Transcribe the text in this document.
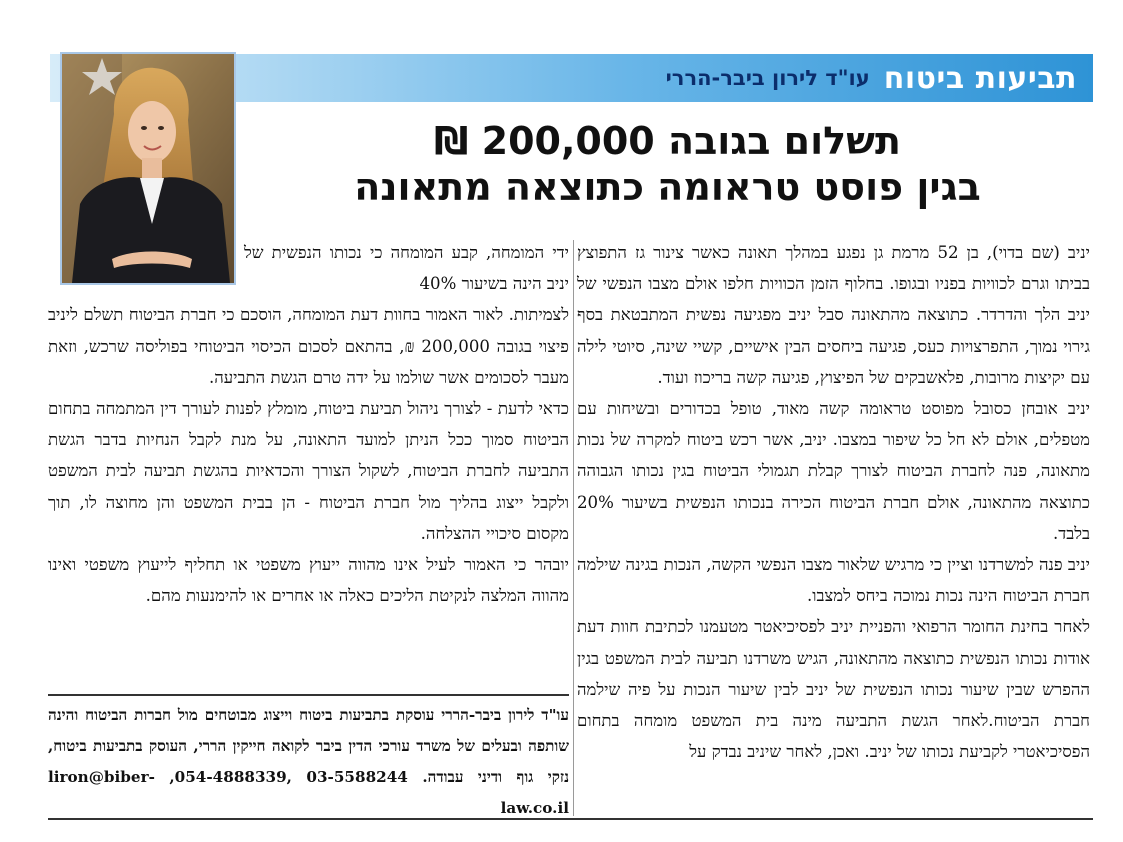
תביעות ביטוח
עו"ד לירון ביבר-הררי
תשלום בגובה 200,000 ₪
בגין פוסט טראומה כתוצאה מתאונה

יניב (שם בדוי), בן 52 מרמת גן נפגע במהלך תאונה כאשר צינור גז התפוצץ בביתו וגרם לכוויות בפניו ובגופו. בחלוף הזמן הכוויות חלפו אולם מצבו הנפשי של יניב הלך והדרדר. כתוצאה מהתאונה סבל יניב מפגיעה נפשית המתבטאת בסף גירוי נמוך, התפרצויות כעס, פגיעה ביחסים הבין אישיים, קשיי שינה, סיוטי לילה עם יקיצות מרובות, פלאשבקים של הפיצוץ, פגיעה קשה בריכוז ועוד.

יניב אובחן כסובל מפוסט טראומה קשה מאוד, טופל בכדורים ובשיחות עם מטפלים, אולם לא חל כל שיפור במצבו. יניב, אשר רכש ביטוח למקרה של נכות מתאונה, פנה לחברת הביטוח לצורך קבלת תגמולי הביטוח בגין נכותו הגבוהה כתוצאה מהתאונה, אולם חברת הביטוח הכירה בנכותו הנפשית בשיעור 20% בלבד.

יניב פנה למשרדנו וציין כי מרגיש שלאור מצבו הנפשי הקשה, הנכות בגינה שילמה חברת הביטוח הינה נכות נמוכה ביחס למצבו.

לאחר בחינת החומר הרפואי והפניית יניב לפסיכיאטר מטעמנו לכתיבת חוות דעת אודות נכותו הנפשית כתוצאה מהתאונה, הגיש משרדנו תביעה לבית המשפט בגין ההפרש שבין שיעור נכותו הנפשית של יניב לבין שיעור הנכות על פיה שילמה חברת הביטוח.לאחר הגשת התביעה מינה בית המשפט מומחה בתחום הפסיכיאטרי לקביעת נכותו של יניב. ואכן, לאחר שיניב נבדק על

ידי המומחה, קבע המומחה כי נכותו הנפשית של יניב הינה בשיעור 40%

לצמיתות. לאור האמור בחוות דעת המומחה, הוסכם כי חברת הביטוח תשלם ליניב פיצוי בגובה 200,000 ₪, בהתאם לסכום הכיסוי הביטוחי בפוליסה שרכש, וזאת מעבר לסכומים אשר שולמו על ידה טרם הגשת התביעה.

כדאי לדעת - לצורך ניהול תביעת ביטוח, מומלץ לפנות לעורך דין המתמחה בתחום הביטוח סמוך ככל הניתן למועד התאונה, על מנת לקבל הנחיות בדבר הגשת התביעה לחברת הביטוח, לשקול הצורך והכדאיות בהגשת תביעה לבית המשפט ולקבל ייצוג בהליך מול חברת הביטוח - הן בבית המשפט והן מחוצה לו, תוך מקסום סיכויי ההצלחה.

יובהר כי האמור לעיל אינו מהווה ייעוץ משפטי או תחליף לייעוץ משפטי ואינו מהווה המלצה לנקיטת הליכים כאלה או אחרים או להימנעות מהם.

עו"ד לירון ביבר-הררי עוסקת בתביעות ביטוח וייצוג מבוטחים מול חברות הביטוח והינה שותפה ובעלים של משרד עורכי הדין ביבר לקואה חייקין הררי, העוסק בתביעות ביטוח, נזקי גוף ודיני עבודה. 03-5588244 ,054-4888339, liron@biber-law.co.il
